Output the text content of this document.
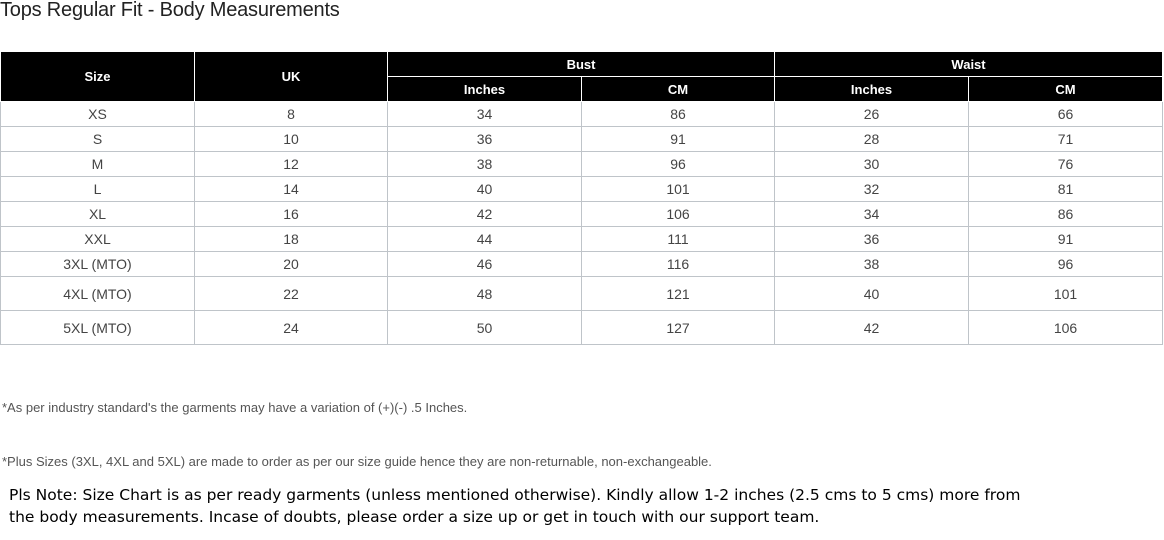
Tops Regular Fit - Body Measurements
Size	UK	Bust		Waist	
		Inches	CM	Inches	CM
XS	8	34	86	26	66
S	10	36	91	28	71
M	12	38	96	30	76
L	14	40	101	32	81
XL	16	42	106	34	86
XXL	18	44	111	36	91
3XL (MTO)	20	46	116	38	96
4XL (MTO)	22	48	121	40	101
5XL (MTO)	24	50	127	42	106
*As per industry standard's the garments may have a variation of (+)(-) .5 Inches.
*Plus Sizes (3XL, 4XL and 5XL) are made to order as per our size guide hence they are non-returnable, non-exchangeable.
Pls Note: Size Chart is as per ready garments (unless mentioned otherwise). Kindly allow 1-2 inches (2.5 cms to 5 cms) more from the body measurements. Incase of doubts, please order a size up or get in touch with our support team.
